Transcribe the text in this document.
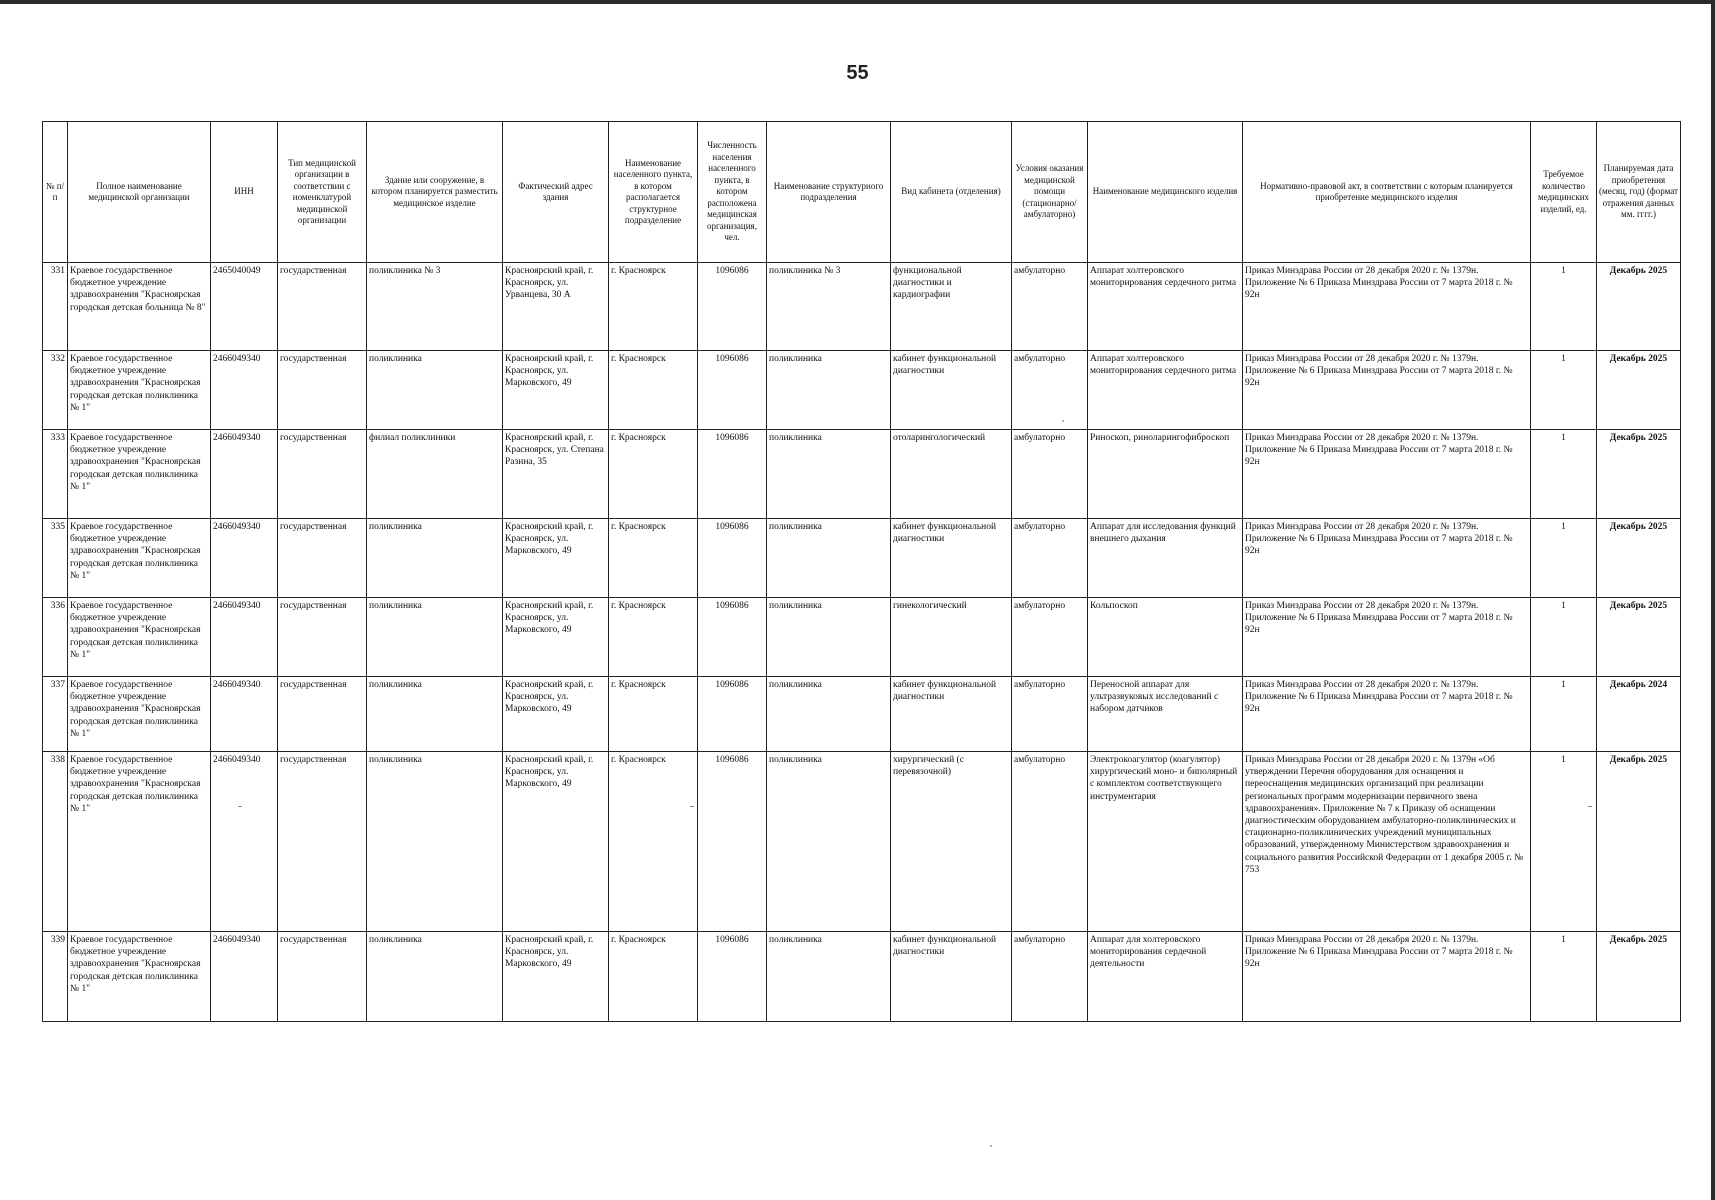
55
№ п/п	Полное наименование медицинской организации	ИНН	Тип медицинской организации в соответствии с номенклатурой медицинской организации	Здание или сооружение, в котором планируется разместить медицинское изделие	Фактический адрес здания	Наименование населенного пункта, в котором располагается структурное подразделение	Численность населения населенного пункта, в котором расположена медицинская организация, чел.	Наименование структурного подразделения	Вид кабинета (отделения)	Условия оказания медицинской помощи (стационарно/ амбулаторно)	Наименование медицинского изделия	Нормативно-правовой акт, в соответствии с которым планируется приобретение медицинского изделия	Требуемое количество медицинских изделий, ед.	Планируемая дата приобретения (месяц, год) (формат отражения данных мм. гггг.)
331	Краевое государственное бюджетное учреждение здравоохранения "Красноярская городская детская больница № 8"	2465040049	государственная	поликлиника № 3	Красноярский край, г. Красноярск, ул. Урванцева, 30 А	г. Красноярск	1096086	поликлиника № 3	функциональной диагностики и кардиографии	амбулаторно	Аппарат холтеровского мониторирования сердечного ритма	Приказ Минздрава России от 28 декабря 2020 г. № 1379н. Приложение № 6 Приказа Минздрава России от 7 марта 2018 г. № 92н	1	Декабрь 2025
332	Краевое государственное бюджетное учреждение здравоохранения "Красноярская городская детская поликлиника № 1"	2466049340	государственная	поликлиника	Красноярский край, г. Красноярск, ул. Марковского, 49	г. Красноярск	1096086	поликлиника	кабинет функциональной диагностики	амбулаторно	Аппарат холтеровского мониторирования сердечного ритма	Приказ Минздрава России от 28 декабря 2020 г. № 1379н. Приложение № 6 Приказа Минздрава России от 7 марта 2018 г. № 92н	1	Декабрь 2025
333	Краевое государственное бюджетное учреждение здравоохранения "Красноярская городская детская поликлиника № 1"	2466049340	государственная	филиал поликлиники	Красноярский край, г. Красноярск, ул. Степана Разина, 35	г. Красноярск	1096086	поликлиника	отоларингологический	амбулаторно	Риноскоп, риноларингофиброскоп	Приказ Минздрава России от 28 декабря 2020 г. № 1379н. Приложение № 6 Приказа Минздрава России от 7 марта 2018 г. № 92н	1	Декабрь 2025
335	Краевое государственное бюджетное учреждение здравоохранения "Красноярская городская детская поликлиника № 1"	2466049340	государственная	поликлиника	Красноярский край, г. Красноярск, ул. Марковского, 49	г. Красноярск	1096086	поликлиника	кабинет функциональной диагностики	амбулаторно	Аппарат для исследования функций внешнего дыхания	Приказ Минздрава России от 28 декабря 2020 г. № 1379н. Приложение № 6 Приказа Минздрава России от 7 марта 2018 г. № 92н	1	Декабрь 2025
336	Краевое государственное бюджетное учреждение здравоохранения "Красноярская городская детская поликлиника № 1"	2466049340	государственная	поликлиника	Красноярский край, г. Красноярск, ул. Марковского, 49	г. Красноярск	1096086	поликлиника	гинекологический	амбулаторно	Кольпоскоп	Приказ Минздрава России от 28 декабря 2020 г. № 1379н. Приложение № 6 Приказа Минздрава России от 7 марта 2018 г. № 92н	1	Декабрь 2025
337	Краевое государственное бюджетное учреждение здравоохранения "Красноярская городская детская поликлиника № 1"	2466049340	государственная	поликлиника	Красноярский край, г. Красноярск, ул. Марковского, 49	г. Красноярск	1096086	поликлиника	кабинет функциональной диагностики	амбулаторно	Переносной аппарат для ультразвуковых исследований с набором датчиков	Приказ Минздрава России от 28 декабря 2020 г. № 1379н. Приложение № 6 Приказа Минздрава России от 7 марта 2018 г. № 92н	1	Декабрь 2024
338	Краевое государственное бюджетное учреждение здравоохранения "Красноярская городская детская поликлиника № 1"	2466049340	государственная	поликлиника	Красноярский край, г. Красноярск, ул. Марковского, 49	г. Красноярск	1096086	поликлиника	хирургический (с перевязочной)	амбулаторно	Электрокоагулятор (коагулятор) хирургический моно- и биполярный с комплектом соответствующего инструментария	Приказ Минздрава России от 28 декабря 2020 г. № 1379н «Об утверждении Перечня оборудования для оснащения и переоснащения медицинских организаций при реализации региональных программ модернизации первичного звена здравоохранения». Приложение № 7 к Приказу об оснащении диагностическим оборудованием амбулаторно-поликлинических и стационарно-поликлинических учреждений муниципальных образований, утвержденному Министерством здравоохранения и социального развития Российской Федерации от 1 декабря 2005 г. № 753	1	Декабрь 2025
339	Краевое государственное бюджетное учреждение здравоохранения "Красноярская городская детская поликлиника № 1"	2466049340	государственная	поликлиника	Красноярский край, г. Красноярск, ул. Марковского, 49	г. Красноярск	1096086	поликлиника	кабинет функциональной диагностики	амбулаторно	Аппарат для холтеровского мониторирования сердечной деятельности	Приказ Минздрава России от 28 декабря 2020 г. № 1379н. Приложение № 6 Приказа Минздрава России от 7 марта 2018 г. № 92н	1	Декабрь 2025
